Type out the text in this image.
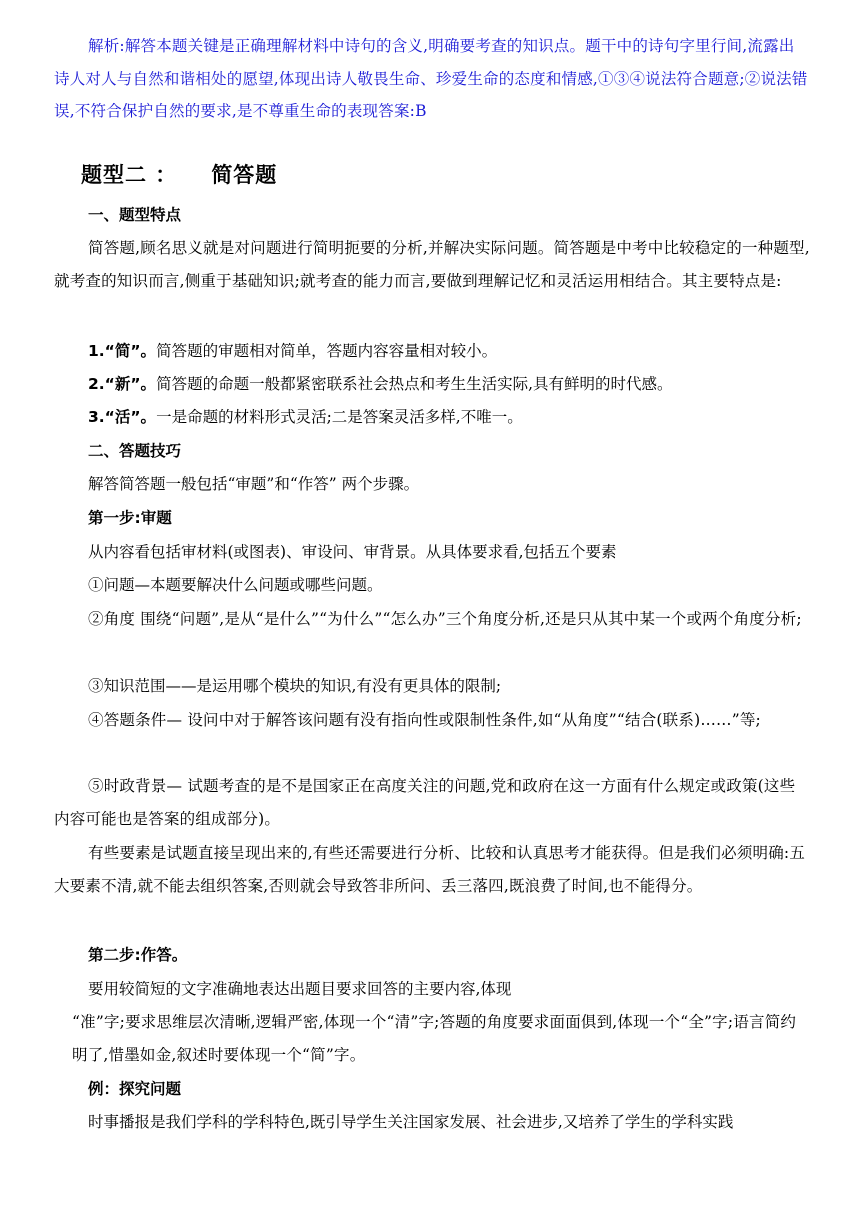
解析:解答本题关键是正确理解材料中诗句的含义,明确要考查的知识点。题干中的诗句字里行间,流露出诗人对人与自然和谐相处的愿望,体现出诗人敬畏生命、珍爱生命的态度和情感,①③④说法符合题意;②说法错误,不符合保护自然的要求,是不尊重生命的表现答案:B

题型二 ： 简答题
一、题型特点

简答题,顾名思义就是对问题进行简明扼要的分析,并解决实际问题。简答题是中考中比较稳定的一种题型,就考查的知识而言,侧重于基础知识;就考查的能力而言,要做到理解记忆和灵活运用相结合。其主要特点是:

1.“简”。简答题的审题相对简单，答题内容容量相对较小。

2.“新”。简答题的命题一般都紧密联系社会热点和考生生活实际,具有鲜明的时代感。

3.“活”。一是命题的材料形式灵活;二是答案灵活多样,不唯一。

二、答题技巧

解答简答题一般包括“审题”和“作答” 两个步骤。

第一步:审题

从内容看包括审材料(或图表)、审设问、审背景。从具体要求看,包括五个要素

①问题—本题要解决什么问题或哪些问题。

②角度 围绕“问题”,是从“是什么”“为什么”“怎么办”三个角度分析,还是只从其中某一个或两个角度分析;

③知识范围——是运用哪个模块的知识,有没有更具体的限制;

④答题条件— 设问中对于解答该问题有没有指向性或限制性条件,如“从角度”“结合(联系)……”等;

⑤时政背景— 试题考查的是不是国家正在高度关注的问题,党和政府在这一方面有什么规定或政策(这些内容可能也是答案的组成部分)。

有些要素是试题直接呈现出来的,有些还需要进行分析、比较和认真思考才能获得。但是我们必须明确:五大要素不清,就不能去组织答案,否则就会导致答非所问、丢三落四,既浪费了时间,也不能得分。

第二步:作答。

要用较简短的文字准确地表达出题目要求回答的主要内容,体现

“准”字;要求思维层次清晰,逻辑严密,体现一个“清”字;答题的角度要求面面俱到,体现一个“全”字;语言简约明了,惜墨如金,叙述时要体现一个“简”字。

例：探究问题

时事播报是我们学科的学科特色,既引导学生关注国家发展、社会进步,又培养了学生的学科实践
